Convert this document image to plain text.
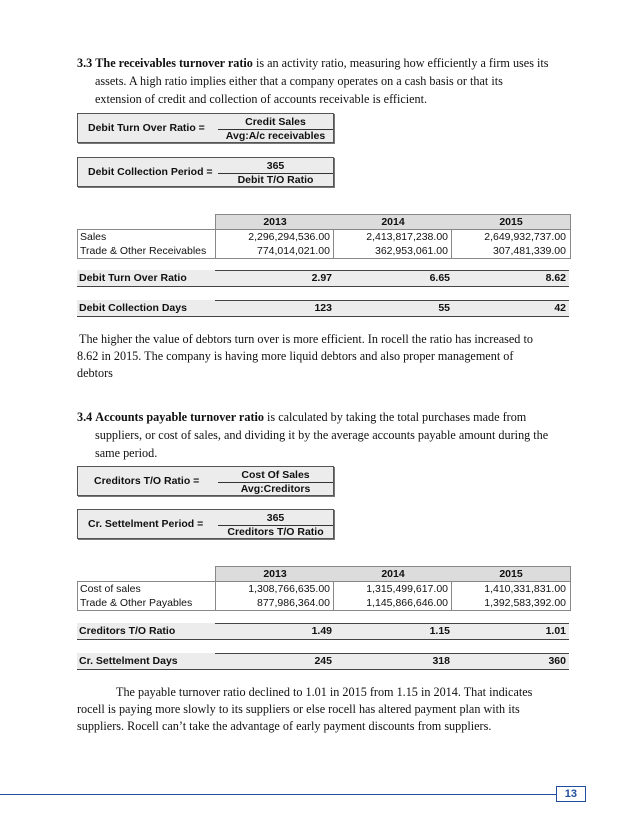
3.3 The receivables turnover ratio is an activity ratio, measuring how efficiently a firm uses its
assets. A high ratio implies either that a company operates on a cash basis or that its
extension of credit and collection of accounts receivable is efficient.
Debit Turn Over Ratio =	Credit Sales
Avg:A/c receivables
Debit Collection Period =	365
Debit T/O Ratio
2013	2014	2015
Sales	2,296,294,536.00	2,413,817,238.00	2,649,932,737.00
Trade & Other Receivables	774,014,021.00	362,953,061.00	307,481,339.00
Debit Turn Over Ratio	2.97	6.65	8.62
Debit Collection Days	123	55	42
The higher the value of debtors turn over is more efficient. In rocell the ratio has increased to
8.62 in 2015. The company is having more liquid debtors and also proper management of
debtors
3.4 Accounts payable turnover ratio is calculated by taking the total purchases made from
suppliers, or cost of sales, and dividing it by the average accounts payable amount during the
same period.
Creditors T/O Ratio =	Cost Of Sales
Avg:Creditors
Cr. Settelment Period =	365
Creditors T/O Ratio
2013	2014	2015
Cost of sales	1,308,766,635.00	1,315,499,617.00	1,410,331,831.00
Trade & Other Payables	877,986,364.00	1,145,866,646.00	1,392,583,392.00
Creditors T/O Ratio	1.49	1.15	1.01
Cr. Settelment Days	245	318	360
The payable turnover ratio declined to 1.01 in 2015 from 1.15 in 2014. That indicates
rocell is paying more slowly to its suppliers or else rocell has altered payment plan with its
suppliers. Rocell can’t take the advantage of early payment discounts from suppliers.
13
